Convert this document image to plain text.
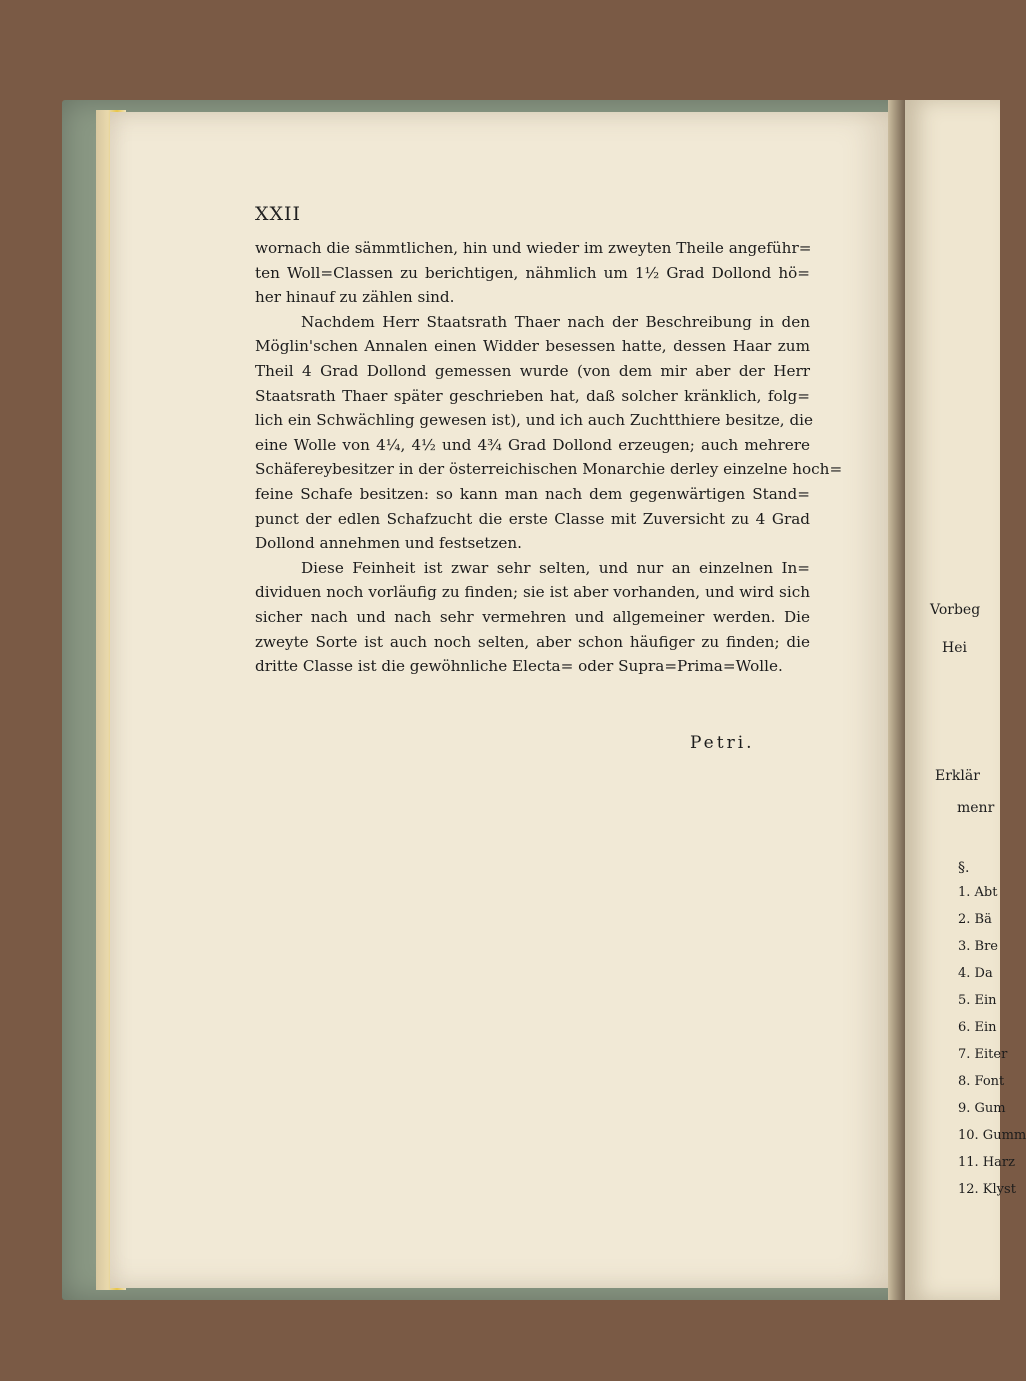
XXII
wornach die sämmtlichen, hin und wieder im zweyten Theile angeführ=
ten Woll=Classen zu berichtigen, nähmlich um 1½ Grad Dollond hö=
her hinauf zu zählen sind.
Nachdem Herr Staatsrath Thaer nach der Beschreibung in den
Möglin'schen Annalen einen Widder besessen hatte, dessen Haar zum
Theil 4 Grad Dollond gemessen wurde (von dem mir aber der Herr
Staatsrath Thaer später geschrieben hat, daß solcher kränklich, folg=
lich ein Schwächling gewesen ist), und ich auch Zuchtthiere besitze, die
eine Wolle von 4¼, 4½ und 4¾ Grad Dollond erzeugen; auch mehrere
Schäfereybesitzer in der österreichischen Monarchie derley einzelne hoch=
feine Schafe besitzen: so kann man nach dem gegenwärtigen Stand=
punct der edlen Schafzucht die erste Classe mit Zuversicht zu 4 Grad
Dollond annehmen und festsetzen.
Diese Feinheit ist zwar sehr selten, und nur an einzelnen In=
dividuen noch vorläufig zu finden; sie ist aber vorhanden, und wird sich
sicher nach und nach sehr vermehren und allgemeiner werden. Die
zweyte Sorte ist auch noch selten, aber schon häufiger zu finden; die
dritte Classe ist die gewöhnliche Electa= oder Supra=Prima=Wolle.
Petri.
Vorbeg
Hei
Erklär
menr
§.
1. Abt
2. Bä
3. Bre
4. Da
5. Ein
6. Ein
7. Eiter
8. Font
9. Gum
10. Gumm
11. Harz
12. Klyst
